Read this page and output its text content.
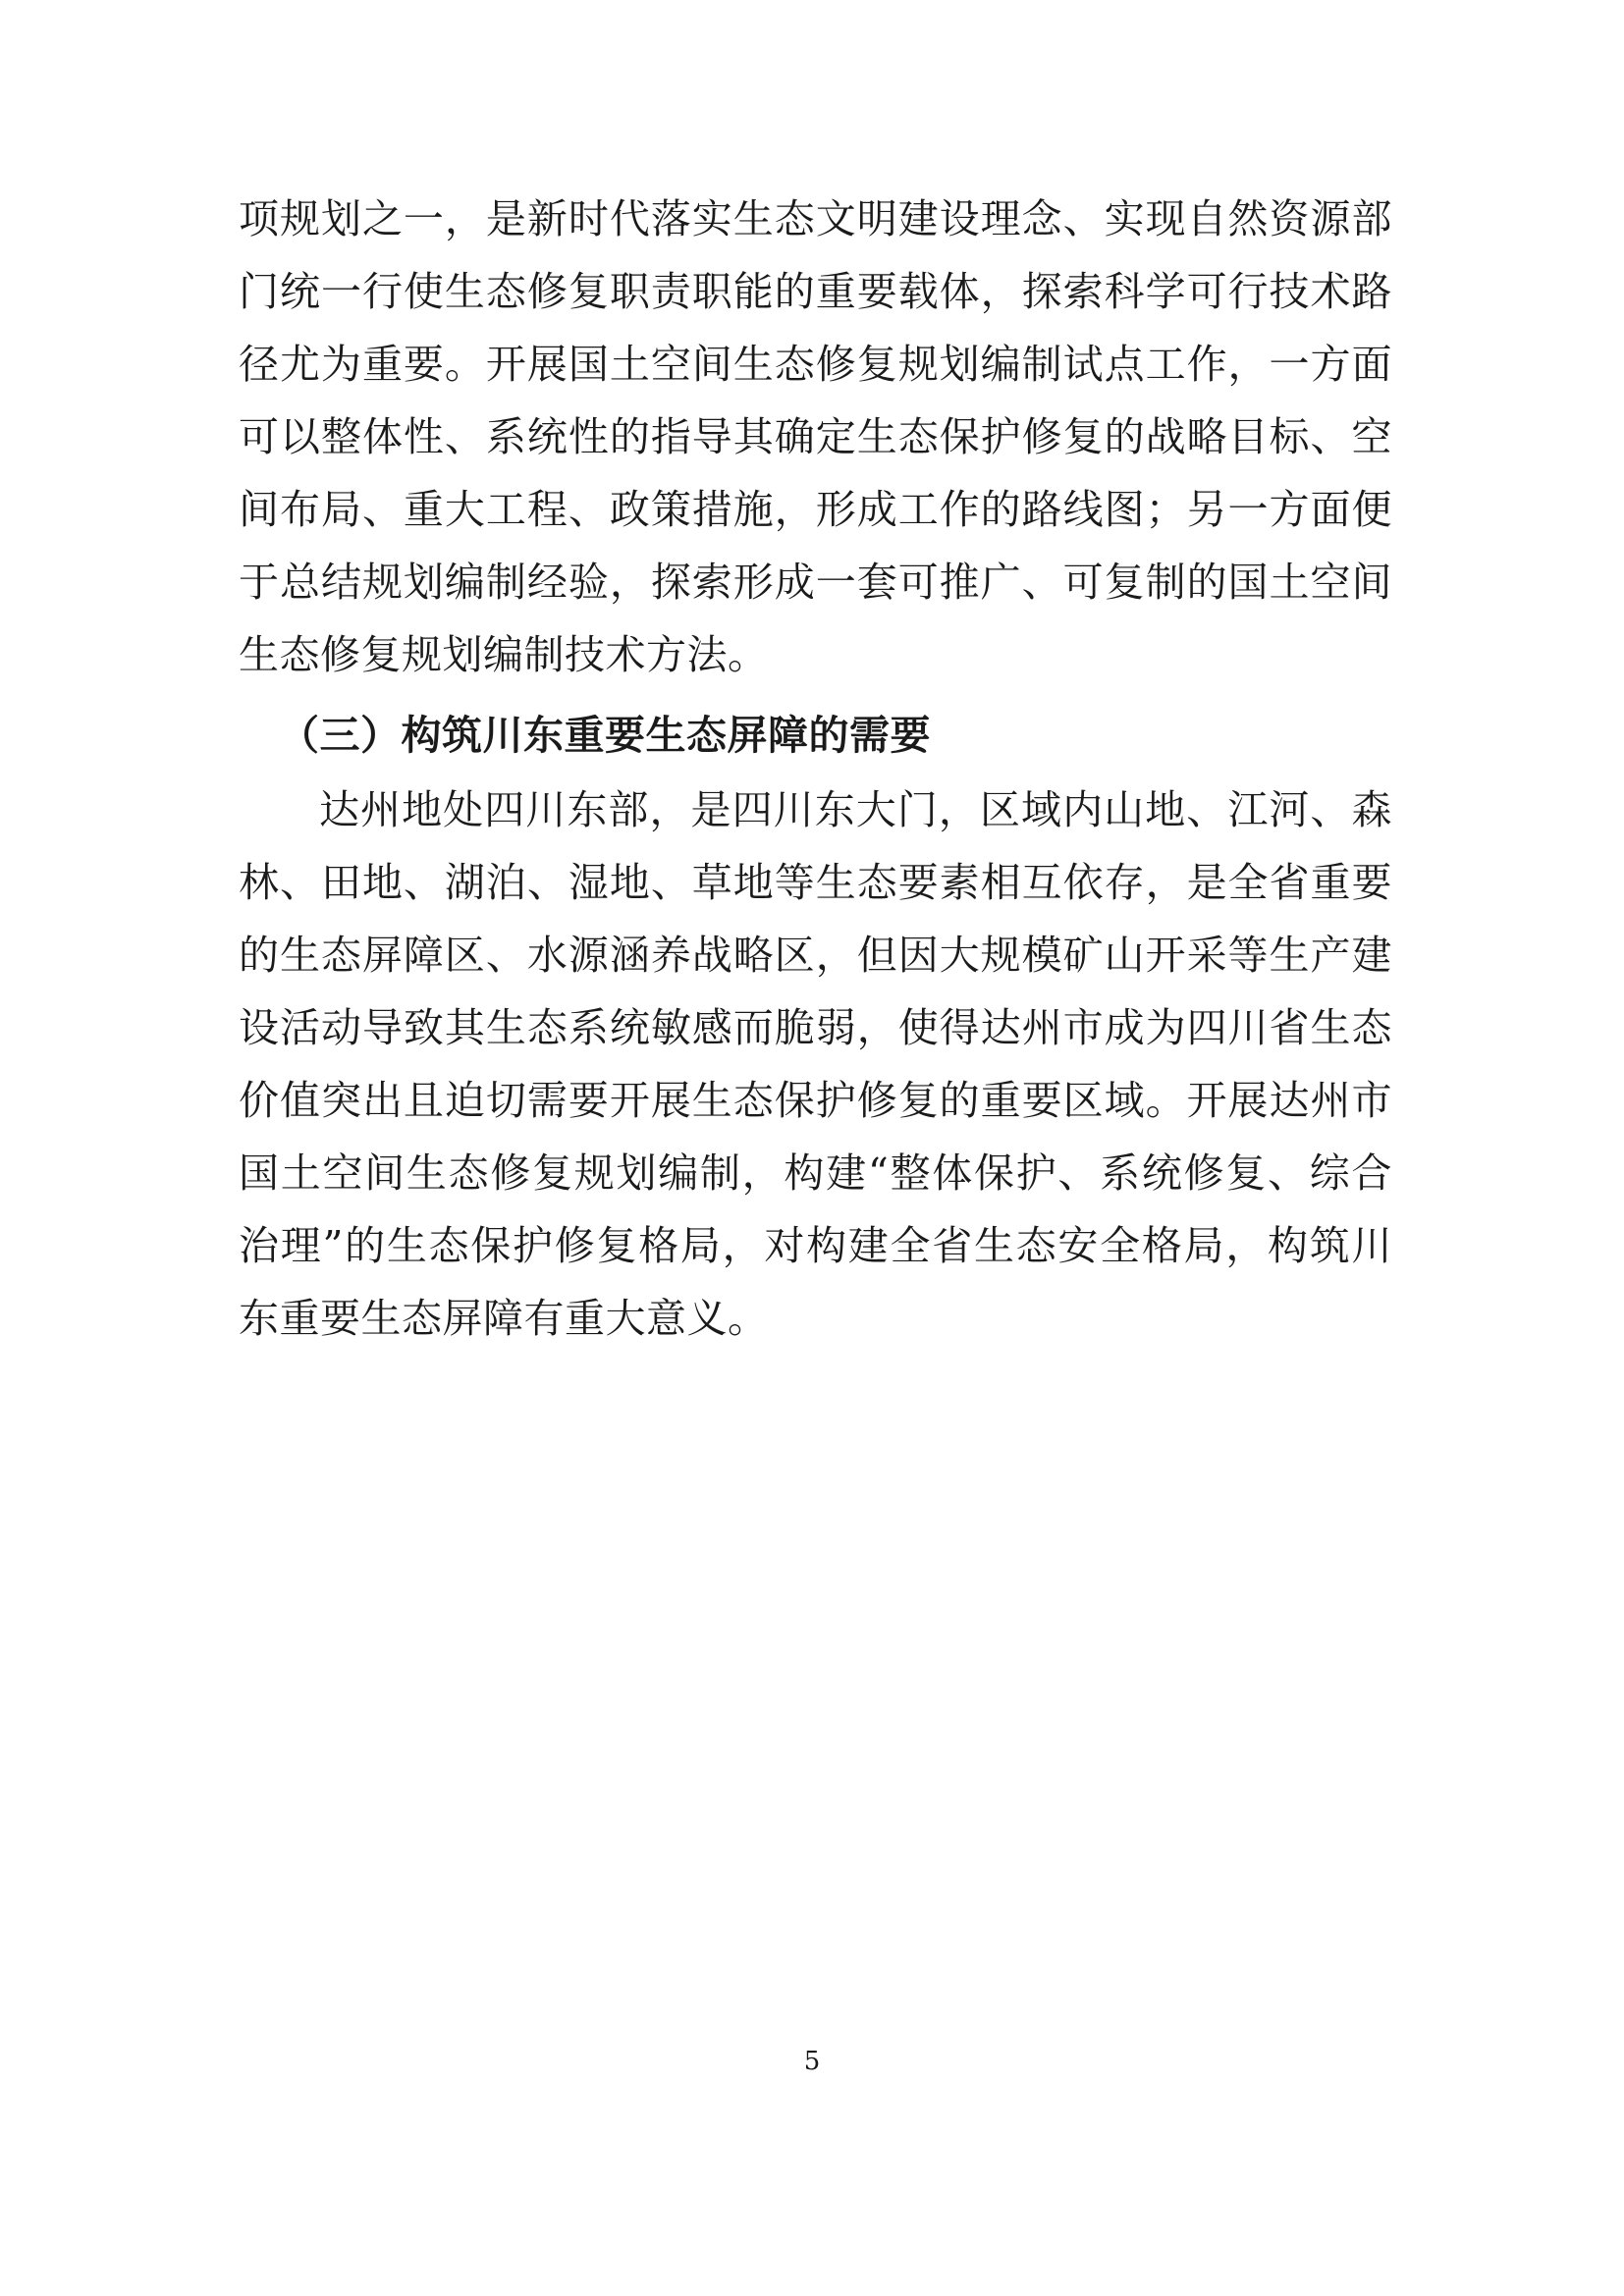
项规划之一，是新时代落实生态文明建设理念、实现自然资源部门统一行使生态修复职责职能的重要载体，探索科学可行技术路径尤为重要。开展国土空间生态修复规划编制试点工作，一方面可以整体性、系统性的指导其确定生态保护修复的战略目标、空间布局、重大工程、政策措施，形成工作的路线图；另一方面便于总结规划编制经验，探索形成一套可推广、可复制的国土空间生态修复规划编制技术方法。

（三）构筑川东重要生态屏障的需要

达州地处四川东部，是四川东大门，区域内山地、江河、森林、田地、湖泊、湿地、草地等生态要素相互依存，是全省重要的生态屏障区、水源涵养战略区，但因大规模矿山开采等生产建设活动导致其生态系统敏感而脆弱，使得达州市成为四川省生态价值突出且迫切需要开展生态保护修复的重要区域。开展达州市国土空间生态修复规划编制，构建“整体保护、系统修复、综合治理”的生态保护修复格局，对构建全省生态安全格局，构筑川东重要生态屏障有重大意义。

5
